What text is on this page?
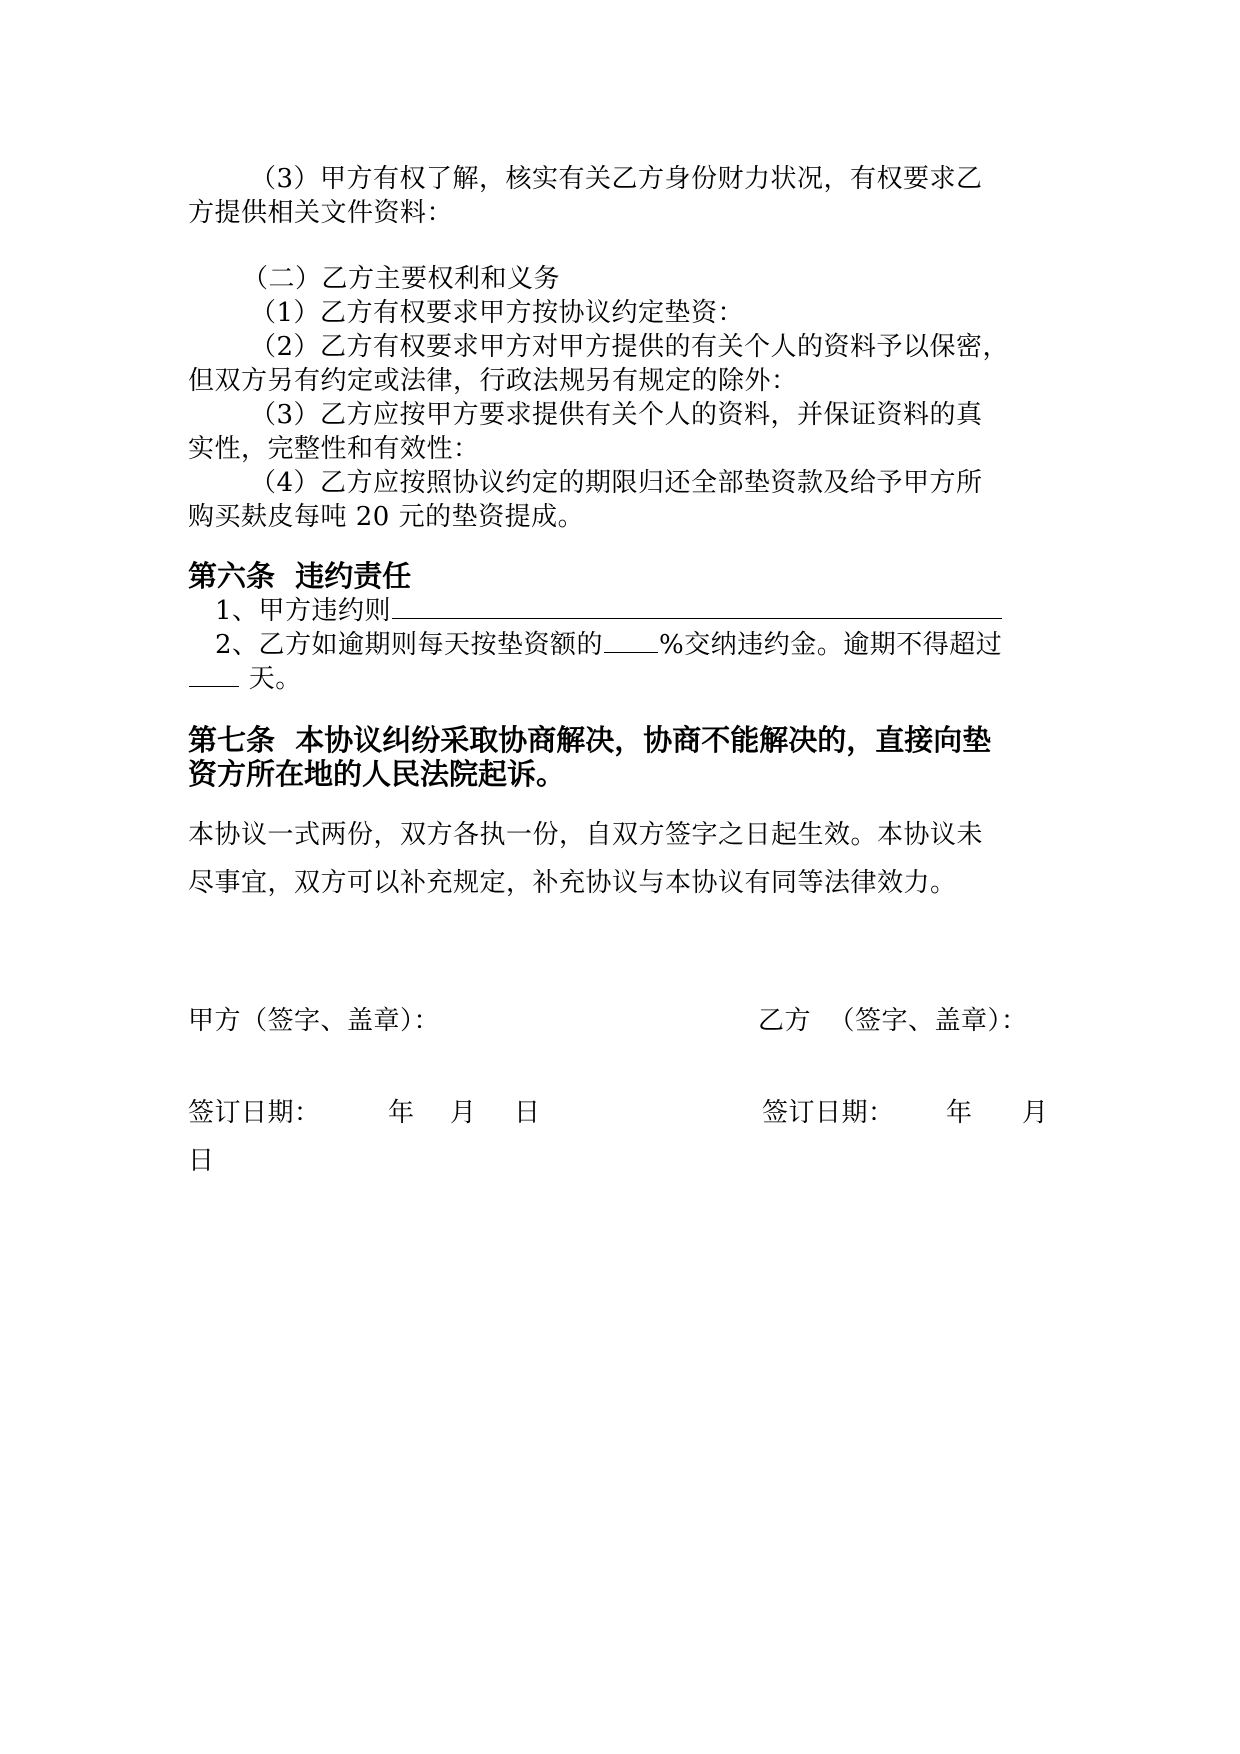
（3）甲方有权了解，核实有关乙方身份财力状况，有权要求乙
方提供相关文件资料：
（二）乙方主要权利和义务
（1）乙方有权要求甲方按协议约定垫资：
（2）乙方有权要求甲方对甲方提供的有关个人的资料予以保密，
但双方另有约定或法律，行政法规另有规定的除外：
（3）乙方应按甲方要求提供有关个人的资料，并保证资料的真
实性，完整性和有效性：
（4）乙方应按照协议约定的期限归还全部垫资款及给予甲方所
购买麸皮每吨 20 元的垫资提成。
第六条  违约责任
1、甲方违约则
2、乙方如逾期则每天按垫资额的 %交纳违约金。逾期不得超过
天。
第七条  本协议纠纷采取协商解决，协商不能解决的，直接向垫
资方所在地的人民法院起诉。
本协议一式两份，双方各执一份，自双方签字之日起生效。本协议未
尽事宜，双方可以补充规定，补充协议与本协议有同等法律效力。
甲方（签字、盖章）：	乙方  （签字、盖章）：
签订日期：	年 月 日	签订日期： 年 月
日
